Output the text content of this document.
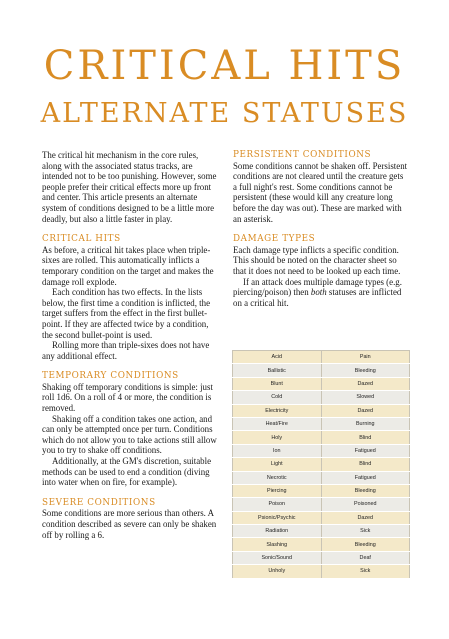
CRITICAL HITS
ALTERNATE STATUSES

The critical hit mechanism in the core rules, along with the associated status tracks, are intended not to be too punishing. However, some people prefer their critical effects more up front and center. This article presents an alternate system of conditions designed to be a little more deadly, but also a little faster in play.

CRITICAL HITS

As before, a critical hit takes place when triple-sixes are rolled. This automatically inflicts a temporary condition on the target and makes the damage roll explode.

Each condition has two effects. In the lists below, the first time a condition is inflicted, the target suffers from the effect in the first bullet-point. If they are affected twice by a condition, the second bullet-point is used.

Rolling more than triple-sixes does not have any additional effect.

TEMPORARY CONDITIONS

Shaking off temporary conditions is simple: just roll 1d6. On a roll of 4 or more, the condition is removed.

Shaking off a condition takes one action, and can only be attempted once per turn. Conditions which do not allow you to take actions still allow you to try to shake off conditions.

Additionally, at the GM's discretion, suitable methods can be used to end a condition (diving into water when on fire, for example).

SEVERE CONDITIONS

Some conditions are more serious than others. A condition described as severe can only be shaken off by rolling a 6.

PERSISTENT CONDITIONS

Some conditions cannot be shaken off. Persistent conditions are not cleared until the creature gets a full night's rest. Some conditions cannot be persistent (these would kill any creature long before the day was out). These are marked with an asterisk.

DAMAGE TYPES

Each damage type inflicts a specific condition. This should be noted on the character sheet so that it does not need to be looked up each time.

If an attack does multiple damage types (e.g. piercing/poison) then both statuses are inflicted on a critical hit.

Acid	Pain
Ballistic	Bleeding
Blunt	Dazed
Cold	Slowed
Electricity	Dazed
Heat/Fire	Burning
Holy	Blind
Ion	Fatigued
Light	Blind
Necrotic	Fatigued
Piercing	Bleeding
Poison	Poisoned
Psionic/Psychic	Dazed
Radiation	Sick
Slashing	Bleeding
Sonic/Sound	Deaf
Unholy	Sick
